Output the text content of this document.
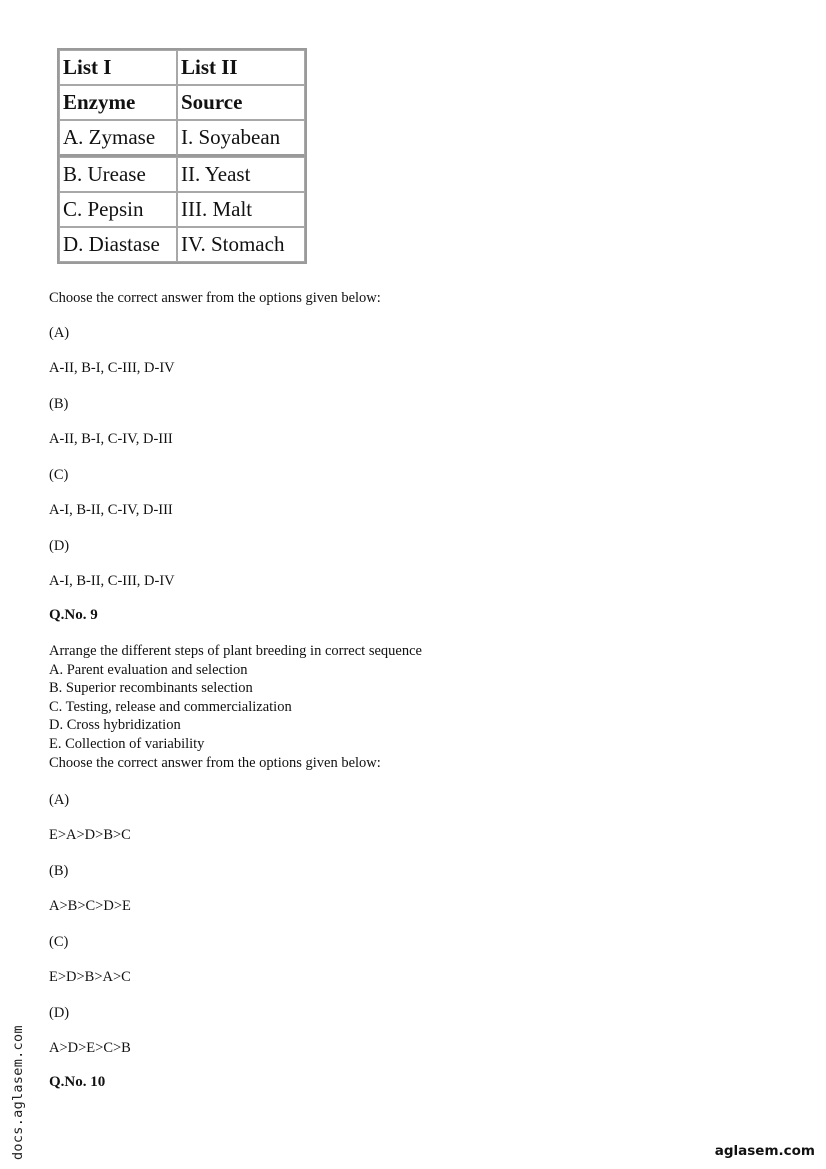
List I	List II
Enzyme	Source
A. Zymase	I. Soyabean
B. Urease	II. Yeast
C. Pepsin	III. Malt
D. Diastase	IV. Stomach

Choose the correct answer from the options given below:

(A)

A-II, B-I, C-III, D-IV

(B)

A-II, B-I, C-IV, D-III

(C)

A-I, B-II, C-IV, D-III

(D)

A-I, B-II, C-III, D-IV

Q.No. 9

Arrange the different steps of plant breeding in correct sequence
A. Parent evaluation and selection
B. Superior recombinants selection
C. Testing, release and commercialization
D. Cross hybridization
E. Collection of variability
Choose the correct answer from the options given below:

(A)

E>A>D>B>C

(B)

A>B>C>D>E

(C)

E>D>B>A>C

(D)

A>D>E>C>B

Q.No. 10

docs.aglasem.com	aglasem.com
